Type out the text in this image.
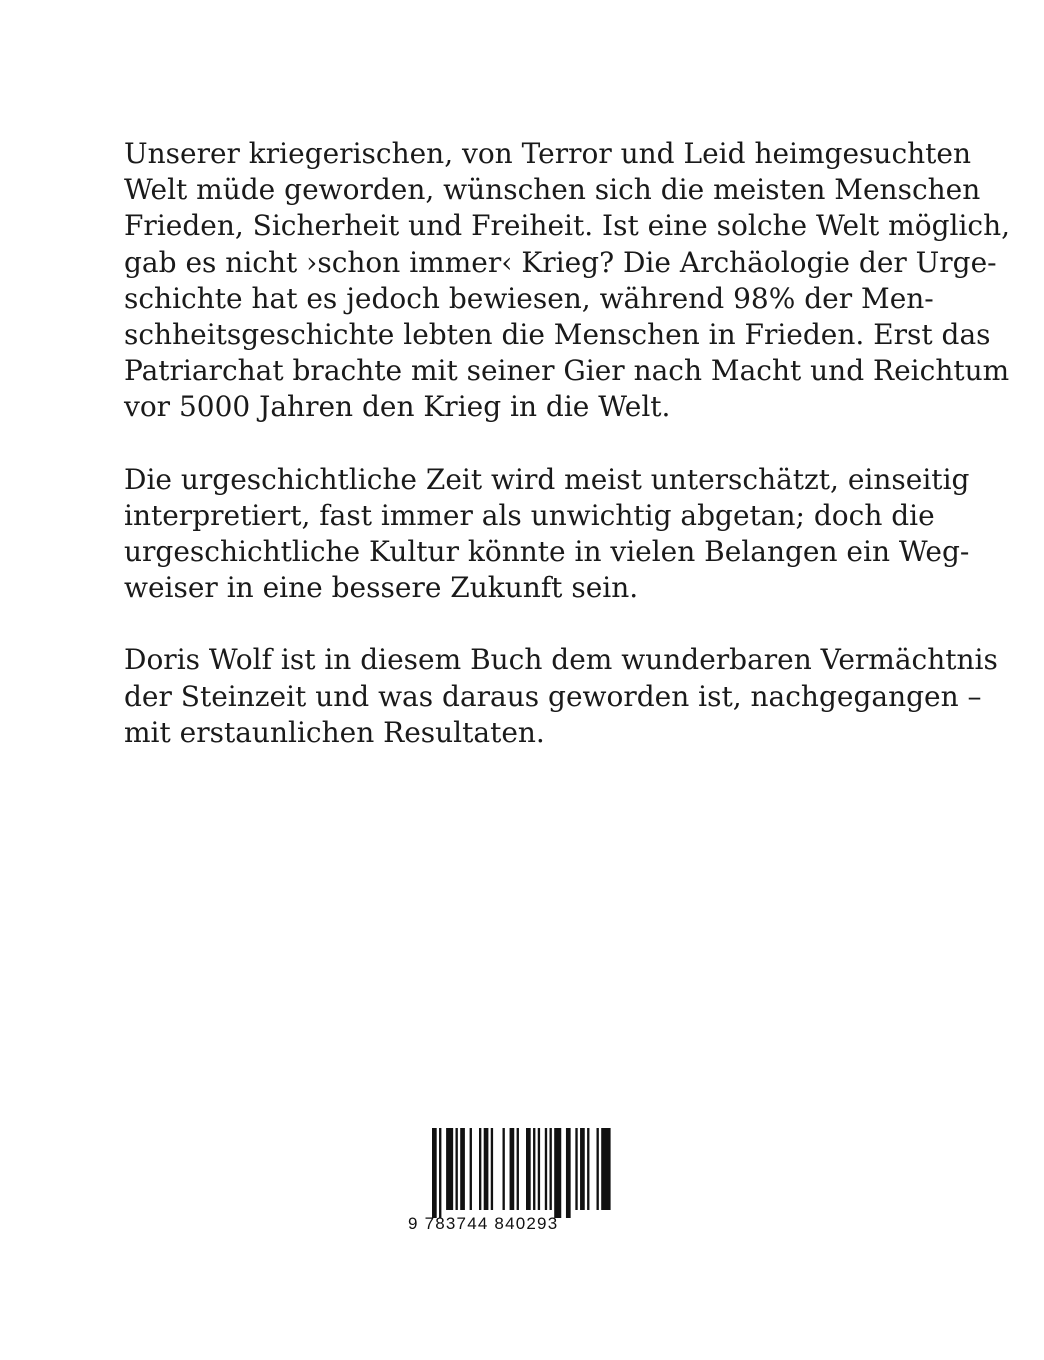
Unserer kriegerischen, von Terror und Leid heimgesuchten
Welt müde geworden, wünschen sich die meisten Menschen
Frieden, Sicherheit und Freiheit. Ist eine solche Welt möglich,
gab es nicht ›schon immer‹ Krieg? Die Archäologie der Urge-
schichte hat es jedoch bewiesen, während 98% der Men-
schheitsgeschichte lebten die Menschen in Frieden. Erst das
Patriarchat brachte mit seiner Gier nach Macht und Reichtum
vor 5000 Jahren den Krieg in die Welt.

Die urgeschichtliche Zeit wird meist unterschätzt, einseitig
interpretiert, fast immer als unwichtig abgetan; doch die
urgeschichtliche Kultur könnte in vielen Belangen ein Weg-
weiser in eine bessere Zukunft sein.

Doris Wolf ist in diesem Buch dem wunderbaren Vermächtnis
der Steinzeit und was daraus geworden ist, nachgegangen –
mit erstaunlichen Resultaten.

9 783744 840293
